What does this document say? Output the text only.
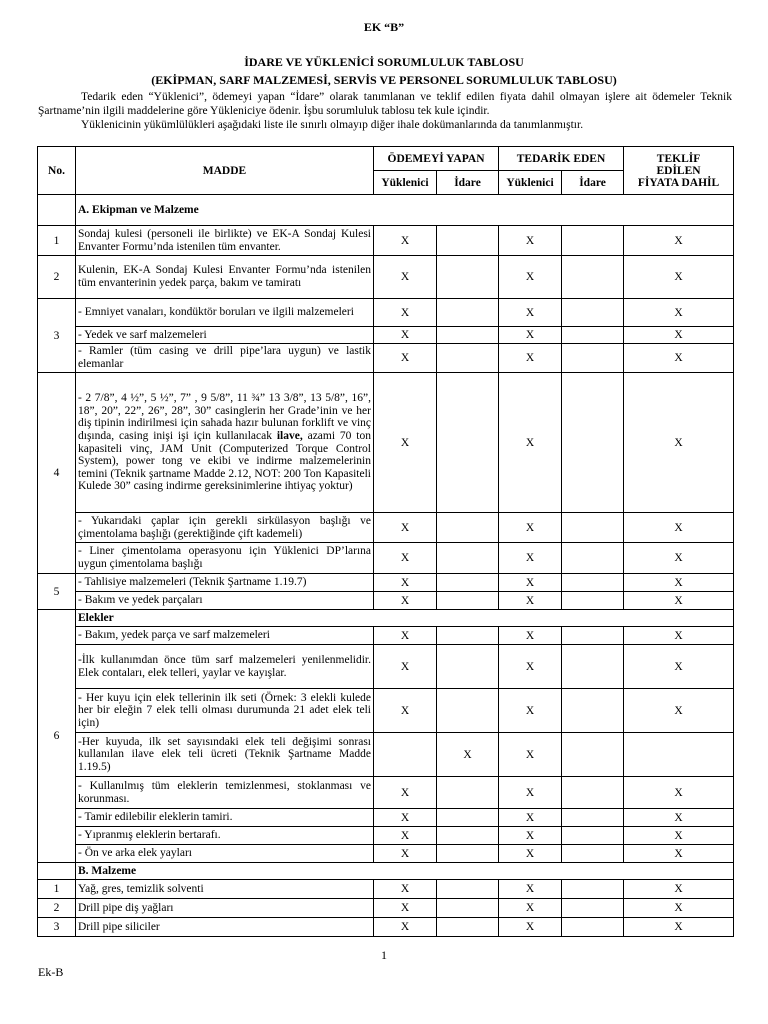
EK “B”
İDARE VE YÜKLENİCİ SORUMLULUK TABLOSU
(EKİPMAN, SARF MALZEMESİ, SERVİS VE PERSONEL SORUMLULUK TABLOSU)

Tedarik eden “Yüklenici”, ödemeyi yapan “İdare” olarak tanımlanan ve teklif edilen fiyata dahil olmayan işlere ait ödemeler Teknik Şartname’nin ilgili maddelerine göre Yükleniciye ödenir. İşbu sorumluluk tablosu tek kule içindir.

Yüklenicinin yükümlülükleri aşağıdaki liste ile sınırlı olmayıp diğer ihale dokümanlarında da tanımlanmıştır.

No.	MADDE	ÖDEMEYİ YAPAN		TEDARİK EDEN		TEKLİF
EDİLEN
FİYATA DAHİL
		Yüklenici	İdare	Yüklenici	İdare	
	A. Ekipman ve Malzeme					
1	Sondaj kulesi (personeli ile birlikte) ve EK-A Sondaj Kulesi Envanter Formu’nda istenilen tüm envanter.	X		X		X
2	Kulenin, EK-A Sondaj Kulesi Envanter Formu’nda istenilen tüm envanterinin yedek parça, bakım ve tamiratı	X		X		X
3	- Emniyet vanaları, kondüktör boruları ve ilgili malzemeleri	X		X		X
	- Yedek ve sarf malzemeleri	X		X		X
	- Ramler (tüm casing ve drill pipe’lara uygun) ve lastik elemanlar	X		X		X
4	- 2 7/8”, 4 ½”, 5 ½”, 7” , 9 5/8”, 11 ¾” 13 3/8”, 13 5/8”, 16”, 18”, 20”, 22”, 26”, 28”, 30” casinglerin her Grade’inin ve her diş tipinin indirilmesi için sahada hazır bulunan forklift ve vinç dışında, casing inişi işi için kullanılacak ilave, azami 70 ton kapasiteli vinç, JAM Unit (Computerized Torque Control System), power tong ve ekibi ve indirme malzemelerinin temini (Teknik şartname Madde 2.12, NOT: 200 Ton Kapasiteli Kulede 30” casing indirme gereksinimlerine ihtiyaç yoktur)	X		X		X
	- Yukarıdaki çaplar için gerekli sirkülasyon başlığı ve çimentolama başlığı (gerektiğinde çift kademeli)	X		X		X
	- Liner çimentolama operasyonu için Yüklenici DP’larına uygun çimentolama başlığı	X		X		X
5	- Tahlisiye malzemeleri (Teknik Şartname 1.19.7)	X		X		X
	- Bakım ve yedek parçaları	X		X		X
6	Elekler					
	- Bakım, yedek parça ve sarf malzemeleri	X		X		X
	-İlk kullanımdan önce tüm sarf malzemeleri yenilenmelidir. Elek contaları, elek telleri, yaylar ve kayışlar.	X		X		X
	- Her kuyu için elek tellerinin ilk seti (Örnek: 3 elekli kulede her bir eleğin 7 elek telli olması durumunda 21 adet elek teli için)	X		X		X
	-Her kuyuda, ilk set sayısındaki elek teli değişimi sonrası kullanılan ilave elek teli ücreti (Teknik Şartname Madde 1.19.5)		X	X		
	- Kullanılmış tüm eleklerin temizlenmesi, stoklanması ve korunması.	X		X		X
	- Tamir edilebilir eleklerin tamiri.	X		X		X
	- Yıpranmış eleklerin bertarafı.	X		X		X
	- Ön ve arka elek yayları	X		X		X
	B. Malzeme					
1	Yağ, gres, temizlik solventi	X		X		X
2	Drill pipe diş yağları	X		X		X
3	Drill pipe siliciler	X		X		X
1
Ek-B
